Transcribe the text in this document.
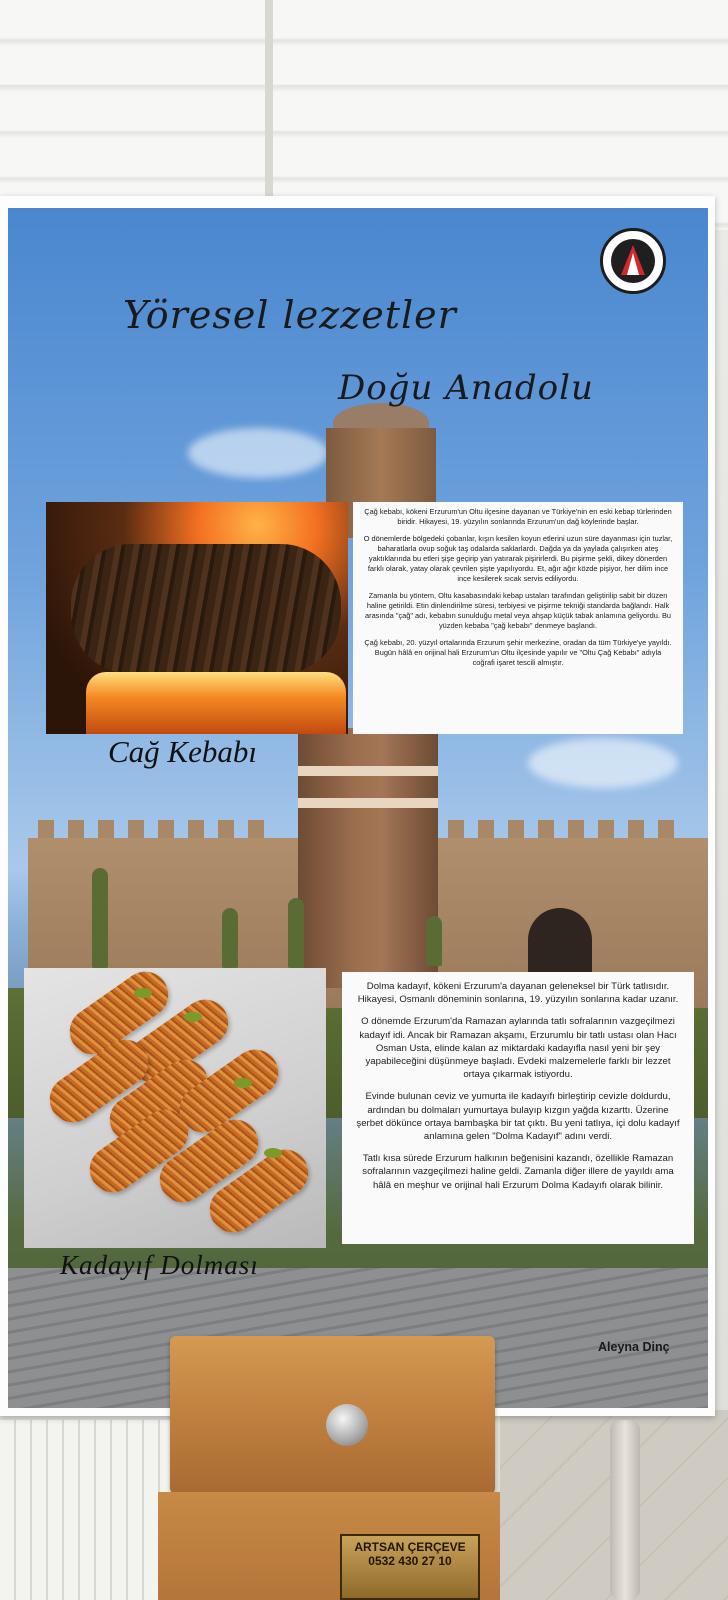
Yöresel lezzetler
Doğu Anadolu

Çağ kebabı, kökeni Erzurum'un Oltu ilçesine dayanan ve Türkiye'nin en eski kebap türlerinden biridir. Hikayesi, 19. yüzyılın sonlarında Erzurum'un dağ köylerinde başlar.

O dönemlerde bölgedeki çobanlar, kışın kesilen koyun etlerini uzun süre dayanması için tuzlar, baharatlarla ovup soğuk taş odalarda saklarlardı. Dağda ya da yaylada çalışırken ateş yaktıklarında bu etleri şişe geçirip yan yatırarak pişirirlerdi. Bu pişirme şekli, dikey dönerden farklı olarak, yatay olarak çevrilen şişte yapılıyordu. Et, ağır ağır közde pişiyor, her dilim ince ince kesilerek sıcak servis ediliyordu.

Zamanla bu yöntem, Oltu kasabasındaki kebap ustaları tarafından geliştirilip sabit bir düzen haline getirildi. Etin dinlendirilme süresi, terbiyesi ve pişirme tekniği standarda bağlandı. Halk arasında "çağ" adı, kebabın sunulduğu metal veya ahşap küçük tabak anlamına geliyordu. Bu yüzden kebaba "çağ kebabı" denmeye başlandı.

Çağ kebabı, 20. yüzyıl ortalarında Erzurum şehir merkezine, oradan da tüm Türkiye'ye yayıldı. Bugün hâlâ en orijinal hali Erzurum'un Oltu ilçesinde yapılır ve "Oltu Çağ Kebabı" adıyla coğrafi işaret tescili almıştır.

Cağ Kebabı

Dolma kadayıf, kökeni Erzurum'a dayanan geleneksel bir Türk tatlısıdır. Hikayesi, Osmanlı döneminin sonlarına, 19. yüzyılın sonlarına kadar uzanır.

O dönemde Erzurum'da Ramazan aylarında tatlı sofralarının vazgeçilmezi kadayıf idi. Ancak bir Ramazan akşamı, Erzurumlu bir tatlı ustası olan Hacı Osman Usta, elinde kalan az miktardaki kadayıfla nasıl yeni bir şey yapabileceğini düşünmeye başladı. Evdeki malzemelerle farklı bir lezzet ortaya çıkarmak istiyordu.

Evinde bulunan ceviz ve yumurta ile kadayıfı birleştirip cevizle doldurdu, ardından bu dolmaları yumurtaya bulayıp kızgın yağda kızarttı. Üzerine şerbet dökünce ortaya bambaşka bir tat çıktı. Bu yeni tatlıya, içi dolu kadayıf anlamına gelen "Dolma Kadayıf" adını verdi.

Tatlı kısa sürede Erzurum halkının beğenisini kazandı, özellikle Ramazan sofralarının vazgeçilmezi haline geldi. Zamanla diğer illere de yayıldı ama hâlâ en meşhur ve orijinal hali Erzurum Dolma Kadayıfı olarak bilinir.

Kadayıf Dolması
Aleyna Dinç
ARTSAN ÇERÇEVE
0532 430 27 10
